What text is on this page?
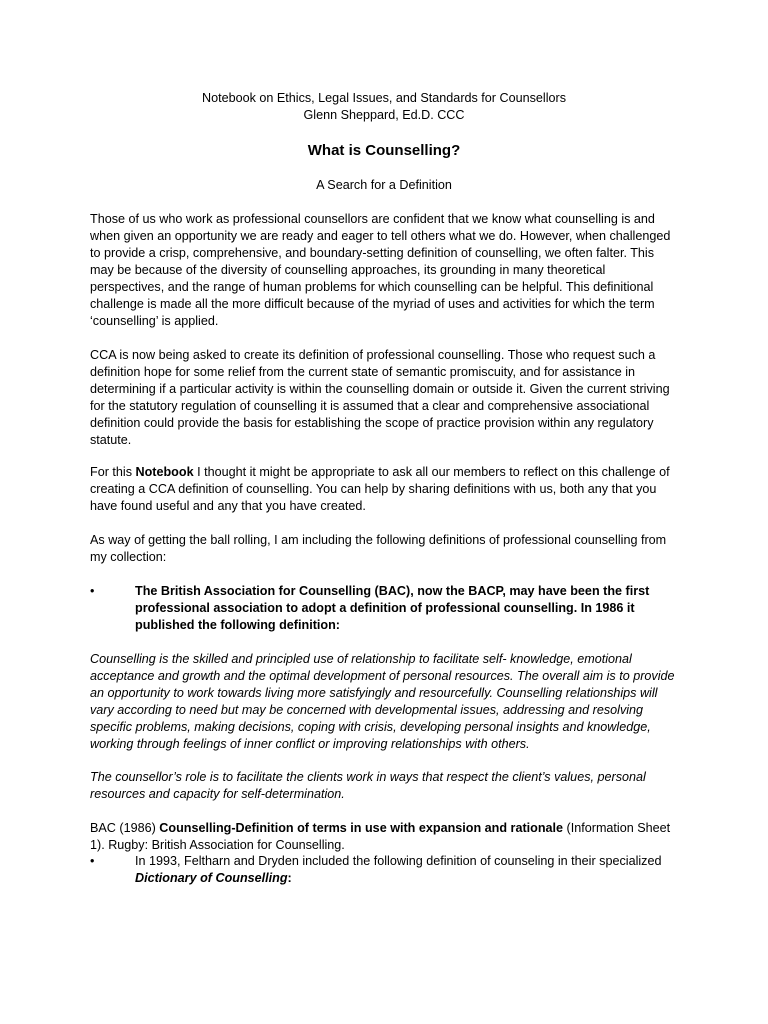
Notebook on Ethics, Legal Issues, and Standards for Counsellors
Glenn Sheppard, Ed.D. CCC
What is Counselling?
A Search for a Definition

Those of us who work as professional counsellors are confident that we know what counselling is and when given an opportunity we are ready and eager to tell others what we do. However, when challenged to provide a crisp, comprehensive, and boundary-setting definition of counselling, we often falter. This may be because of the diversity of counselling approaches, its grounding in many theoretical perspectives, and the range of human problems for which counselling can be helpful. This definitional challenge is made all the more difficult because of the myriad of uses and activities for which the term ‘counselling’ is applied.

CCA is now being asked to create its definition of professional counselling. Those who request such a definition hope for some relief from the current state of semantic promiscuity, and for assistance in determining if a particular activity is within the counselling domain or outside it. Given the current striving for the statutory regulation of counselling it is assumed that a clear and comprehensive associational definition could provide the basis for establishing the scope of practice provision within any regulatory statute.

For this Notebook I thought it might be appropriate to ask all our members to reflect on this challenge of creating a CCA definition of counselling. You can help by sharing definitions with us, both any that you have found useful and any that you have created.

As way of getting the ball rolling, I am including the following definitions of professional counselling from my collection:

•	The British Association for Counselling (BAC), now the BACP, may have been the first professional association to adopt a definition of professional counselling. In 1986 it published the following definition:

Counselling is the skilled and principled use of relationship to facilitate self- knowledge, emotional acceptance and growth and the optimal development of personal resources. The overall aim is to provide an opportunity to work towards living more satisfyingly and resourcefully. Counselling relationships will vary according to need but may be concerned with developmental issues, addressing and resolving specific problems, making decisions, coping with crisis, developing personal insights and knowledge, working through feelings of inner conflict or improving relationships with others.

The counsellor’s role is to facilitate the clients work in ways that respect the client’s values, personal resources and capacity for self-determination.

BAC (1986) Counselling-Definition of terms in use with expansion and rationale (Information Sheet 1). Rugby: British Association for Counselling.

•	In 1993, Feltharn and Dryden included the following definition of counseling in their specialized Dictionary of Counselling:
